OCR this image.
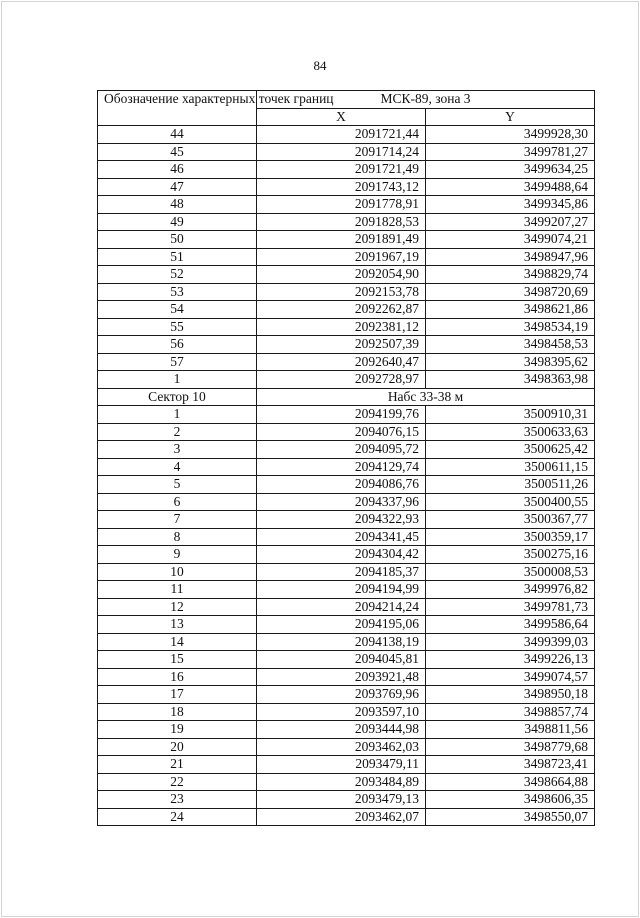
84
Обозначение характерных точек границ	МСК-89, зона 3	
	X	Y
44	2091721,44	3499928,30
45	2091714,24	3499781,27
46	2091721,49	3499634,25
47	2091743,12	3499488,64
48	2091778,91	3499345,86
49	2091828,53	3499207,27
50	2091891,49	3499074,21
51	2091967,19	3498947,96
52	2092054,90	3498829,74
53	2092153,78	3498720,69
54	2092262,87	3498621,86
55	2092381,12	3498534,19
56	2092507,39	3498458,53
57	2092640,47	3498395,62
1	2092728,97	3498363,98
Сектор 10	Набс 33-38 м	
1	2094199,76	3500910,31
2	2094076,15	3500633,63
3	2094095,72	3500625,42
4	2094129,74	3500611,15
5	2094086,76	3500511,26
6	2094337,96	3500400,55
7	2094322,93	3500367,77
8	2094341,45	3500359,17
9	2094304,42	3500275,16
10	2094185,37	3500008,53
11	2094194,99	3499976,82
12	2094214,24	3499781,73
13	2094195,06	3499586,64
14	2094138,19	3499399,03
15	2094045,81	3499226,13
16	2093921,48	3499074,57
17	2093769,96	3498950,18
18	2093597,10	3498857,74
19	2093444,98	3498811,56
20	2093462,03	3498779,68
21	2093479,11	3498723,41
22	2093484,89	3498664,88
23	2093479,13	3498606,35
24	2093462,07	3498550,07
